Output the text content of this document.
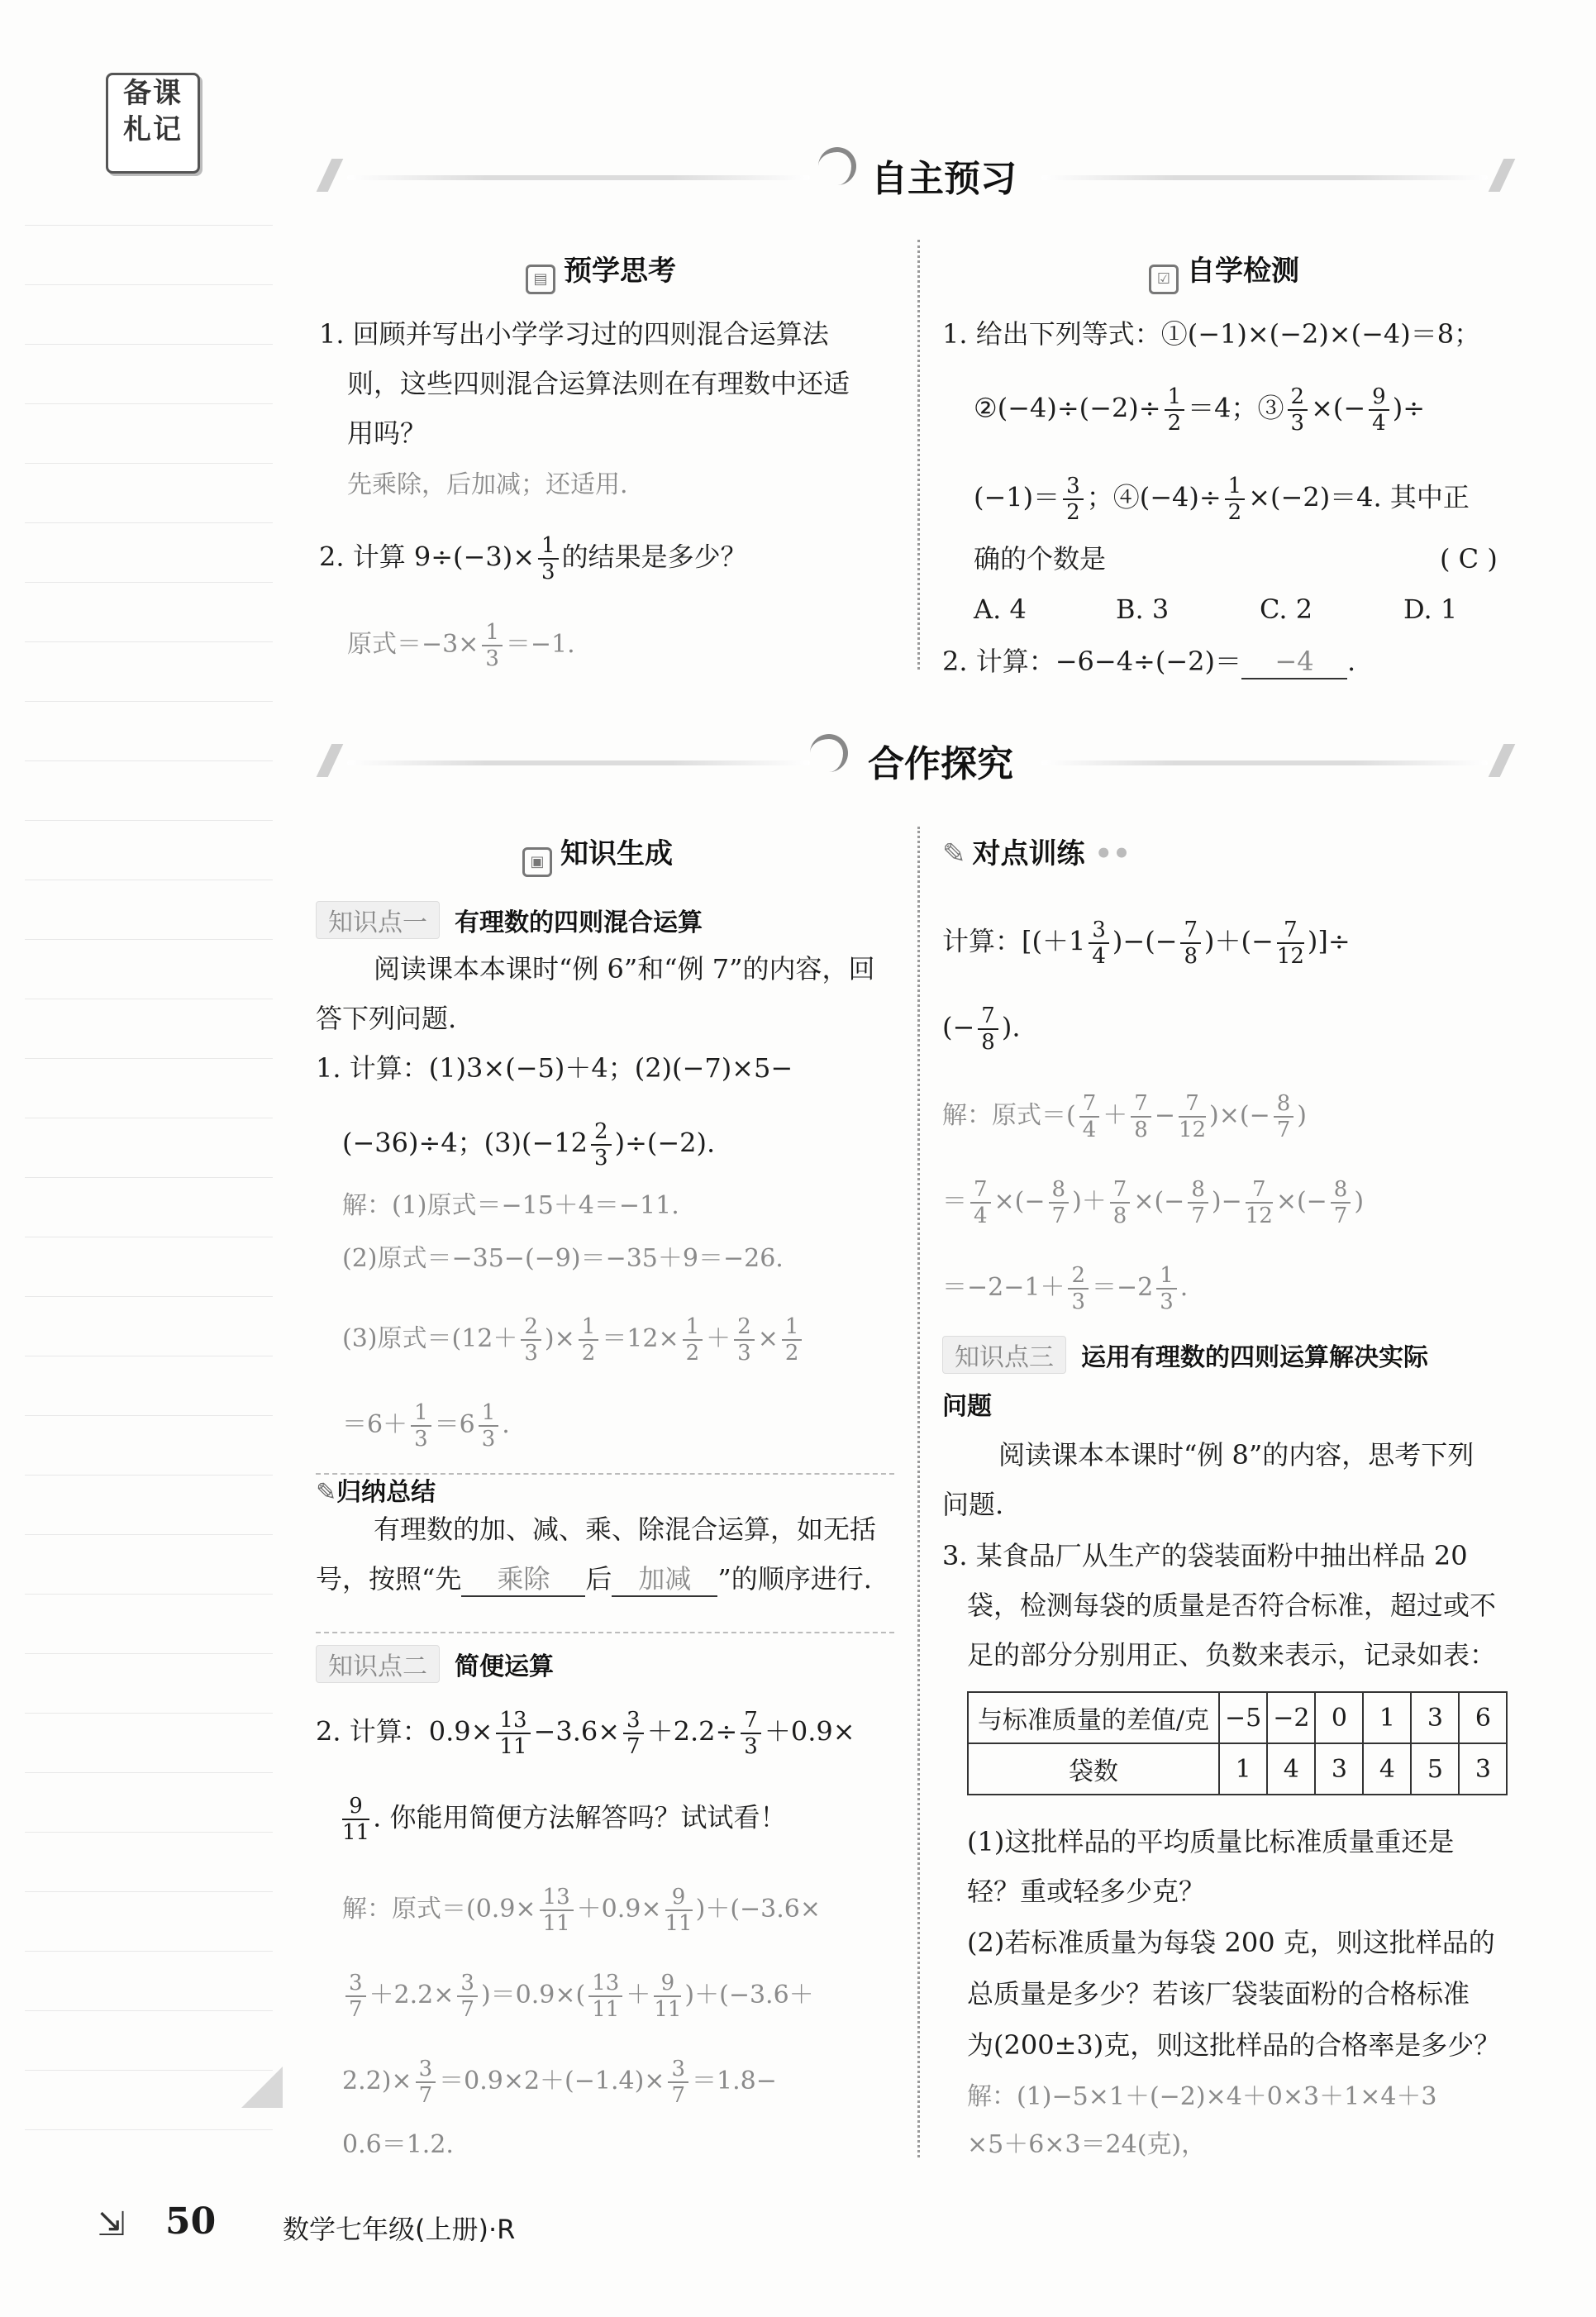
备课
札记
自主预习
▤ 预学思考
1. 回顾并写出小学学习过的四则混合运算法
则，这些四则混合运算法则在有理数中还适
用吗？
先乘除，后加减；还适用.
2. 计算 $9\div(-3)\times \frac{1}{3}$ 的结果是多少？
原式$=-3\times \frac{1}{3} =-1$.
☑ 自学检测
1. 给出下列等式：①(−1)×(−2)×(−4)＝8；
②(−4)÷(−2)÷ $\frac{1}{2} =4$；③ $\frac{2}{3}$ ×(− $\frac{9}{4}$ )÷
$(-1)= \frac{3}{2}$ ；④(−4)÷ $\frac{1}{2} \times(-2)=4$. 其中正
确的个数是	( C )
A. 4	B. 3	C. 2	D. 1
2. 计算：−6−4÷(−2)＝ −4 .
合作探究
▣ 知识生成
知识点一 有理数的四则混合运算
阅读课本本课时“例 6”和“例 7”的内容，回
答下列问题.
1. 计算：(1)3×(−5)＋4；(2)(−7)×5−
(−36)÷4；$(3)(-12 \frac{2}{3} )\div(-2)$.
解：(1)原式＝−15＋4＝−11.
(2)原式＝−35−(−9)＝−35＋9＝−26.
(3)原式$=(12+ \frac{2}{3}$ )× $\frac{1}{2} =12\times \frac{1}{2} + \frac{2}{3} \times \frac{1}{2}$
$=6+ \frac{1}{3} =6 \frac{1}{3}$ .
✎归纳总结
有理数的加、减、乘、除混合运算，如无括
号，按照“先 乘除 后 加减 ”的顺序进行.
知识点二 简便运算
2. 计算：$0.9\times \frac{13}{11} -3.6\times \frac{3}{7} +2.2\div \frac{7}{3} +0.9\times$
$\frac{9}{11}$ . 你能用简便方法解答吗？试试看！
解：原式$=(0.9\times \frac{13}{11} +0.9\times \frac{9}{11} )+(-3.6\times$
$\frac{3}{7} +2.2\times \frac{3}{7} )=0.9\times( \frac{13}{11} + \frac{9}{11} )+(-3.6+$
$2.2)\times \frac{3}{7} =0.9\times 2+(-1.4)\times \frac{3}{7} =1.8-$
0.6＝1.2.
✎ 对点训练 ••
计算：[($+1 \frac{3}{4}$ )−(− $\frac{7}{8}$ )＋(− $\frac{7}{12}$ )]÷
(− $\frac{7}{8}$ ).
解：原式＝( $\frac{7}{4} + \frac{7}{8} - \frac{7}{12}$ )×(− $\frac{8}{7}$ )
＝ $\frac{7}{4}$ ×(− $\frac{8}{7}$ )＋ $\frac{7}{8}$ ×(− $\frac{8}{7}$ )− $\frac{7}{12}$ ×(− $\frac{8}{7}$ )
$=-2-1+ \frac{2}{3} =-2 \frac{1}{3}$ .
知识点三 运用有理数的四则运算解决实际
问题
阅读课本本课时“例 8”的内容，思考下列
问题.
3. 某食品厂从生产的袋装面粉中抽出样品 20
袋，检测每袋的质量是否符合标准，超过或不
足的部分分别用正、负数来表示，记录如表：
与标准质量的差值/克	−5	−2	0	1	3	6
袋数	1	4	3	4	5	3
(1)这批样品的平均质量比标准质量重还是
轻？重或轻多少克？
(2)若标准质量为每袋 200 克，则这批样品的
总质量是多少？若该厂袋装面粉的合格标准
为(200±3)克，则这批样品的合格率是多少？
解：(1)−5×1＋(−2)×4＋0×3＋1×4＋3
×5＋6×3＝24(克)，
⇲ 50	数学七年级(上册)·R
